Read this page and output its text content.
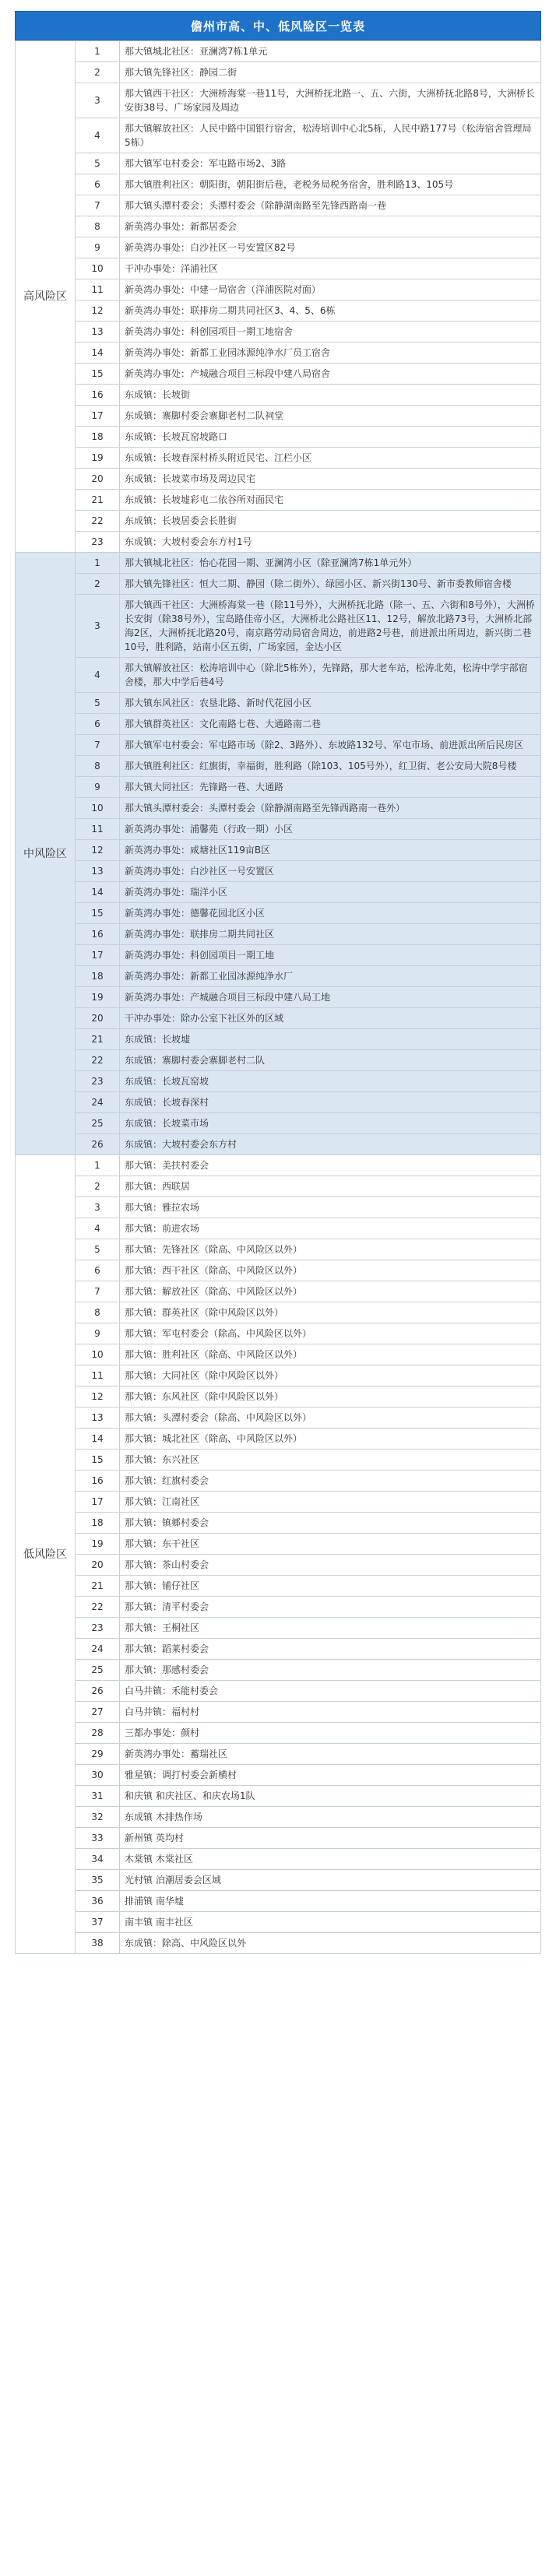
儋州市高、中、低风险区一览表
高风险区	1	那大镇城北社区：亚澜湾7栋1单元
	2	那大镇先锋社区：静园二街
	3	那大镇西干社区：大洲桥海棠一巷11号，大洲桥抚北路一、五、六街，大洲桥抚北路8号，大洲桥长安街38号、广场家园及周边
	4	那大镇解放社区：人民中路中国银行宿舍，松涛培训中心北5栋，人民中路177号（松涛宿舍管理局5栋）
	5	那大镇军屯村委会：军屯路市场2、3路
	6	那大镇胜利社区：朝阳街，朝阳街后巷，老税务局税务宿舍，胜利路13、105号
	7	那大镇头潭村委会：头潭村委会（除静湖南路至先锋西路南一巷
	8	新英湾办事处：新都居委会
	9	新英湾办事处：白沙社区一号安置区82号
	10	干冲办事处：洋浦社区
	11	新英湾办事处：中建一局宿舍（洋浦医院对面）
	12	新英湾办事处：联排房二期共同社区3、4、5、6栋
	13	新英湾办事处：科创园项目一期工地宿舍
	14	新英湾办事处：新都工业园冰源纯净水厂员工宿舍
	15	新英湾办事处：产城融合项目三标段中建八局宿舍
	16	东成镇：长坡街
	17	东成镇：寨脚村委会寨脚老村二队祠堂
	18	东成镇：长坡瓦窑坡路口
	19	东成镇：长坡春深村桥头附近民宅、江栏小区
	20	东成镇：长坡菜市场及周边民宅
	21	东成镇：长坡墟彩屯二依谷所对面民宅
	22	东成镇：长坡居委会长胜街
	23	东成镇：大坡村委会东方村1号
中风险区	1	那大镇城北社区：怡心花园一期、亚澜湾小区（除亚澜湾7栋1单元外）
	2	那大镇先锋社区：恒大二期、静园（除二街外）、绿园小区、新兴街130号、新市委教师宿舍楼
	3	那大镇西干社区：大洲桥海棠一巷（除11号外），大洲桥抚北路（除一、五、六街和8号外），大洲桥长安街（除38号外），宝岛路佳帝小区，大洲桥北公路社区11、12号，解放北路73号，大洲桥北部海2区，大洲桥抚北路20号，南京路劳动局宿舍周边，前进路2号巷，前进派出所周边，新兴街二巷10号，胜利路，站南小区五街，广场家园，金达小区
	4	那大镇解放社区：松涛培训中心（除北5栋外），先锋路，那大老车站，松涛北苑，松涛中学宇部宿舍楼，那大中学后巷4号
	5	那大镇东风社区：农垦北路、新时代花园小区
	6	那大镇群英社区：文化南路七巷、大通路南二巷
	7	那大镇军屯村委会：军屯路市场（除2、3路外）、东坡路132号、军屯市场、前进派出所后民房区
	8	那大镇胜利社区：红旗街，幸福街，胜利路（除103、105号外），红卫街、老公安局大院8号楼
	9	那大镇大同社区：先锋路一巷、大通路
	10	那大镇头潭村委会：头潭村委会（除静湖南路至先锋西路南一巷外）
	11	新英湾办事处：浦馨苑（行政一期）小区
	12	新英湾办事处：咸塘社区119亩B区
	13	新英湾办事处：白沙社区一号安置区
	14	新英湾办事处：瑞洋小区
	15	新英湾办事处：德馨花园北区小区
	16	新英湾办事处：联排房二期共同社区
	17	新英湾办事处：科创园项目一期工地
	18	新英湾办事处：新都工业园冰源纯净水厂
	19	新英湾办事处：产城融合项目三标段中建八局工地
	20	干冲办事处：除办公室下社区外的区域
	21	东成镇：长坡墟
	22	东成镇：寨脚村委会寨脚老村二队
	23	东成镇：长坡瓦窑坡
	24	东成镇：长坡春深村
	25	东成镇：长坡菜市场
	26	东成镇：大坡村委会东方村
低风险区	1	那大镇：美扶村委会
	2	那大镇：西联居
	3	那大镇：雅拉农场
	4	那大镇：前进农场
	5	那大镇：先锋社区（除高、中风险区以外）
	6	那大镇：西干社区（除高、中风险区以外）
	7	那大镇：解放社区（除高、中风险区以外）
	8	那大镇：群英社区（除中风险区以外）
	9	那大镇：军屯村委会（除高、中风险区以外）
	10	那大镇：胜利社区（除高、中风险区以外）
	11	那大镇：大同社区（除中风险区以外）
	12	那大镇：东风社区（除中风险区以外）
	13	那大镇：头潭村委会（除高、中风险区以外）
	14	那大镇：城北社区（除高、中风险区以外）
	15	那大镇：东兴社区
	16	那大镇：红旗村委会
	17	那大镇：江南社区
	18	那大镇：镇郷村委会
	19	那大镇：东干社区
	20	那大镇：茶山村委会
	21	那大镇：铺仔社区
	22	那大镇：清平村委会
	23	那大镇：王桐社区
	24	那大镇：蹈莱村委会
	25	那大镇：那感村委会
	26	白马井镇：禾能村委会
	27	白马井镇：福村村
	28	三都办事处：颜村
	29	新英湾办事处：蓄瑞社区
	30	雅星镇：调打村委会新横村
	31	和庆镇 和庆社区、和庆农场1队
	32	东成镇 木排热作场
	33	新州镇 英均村
	34	木棠镇 木棠社区
	35	光村镇 泊潮居委会区域
	36	排浦镇 南华墟
	37	南丰镇 南丰社区
	38	东成镇：除高、中风险区以外
